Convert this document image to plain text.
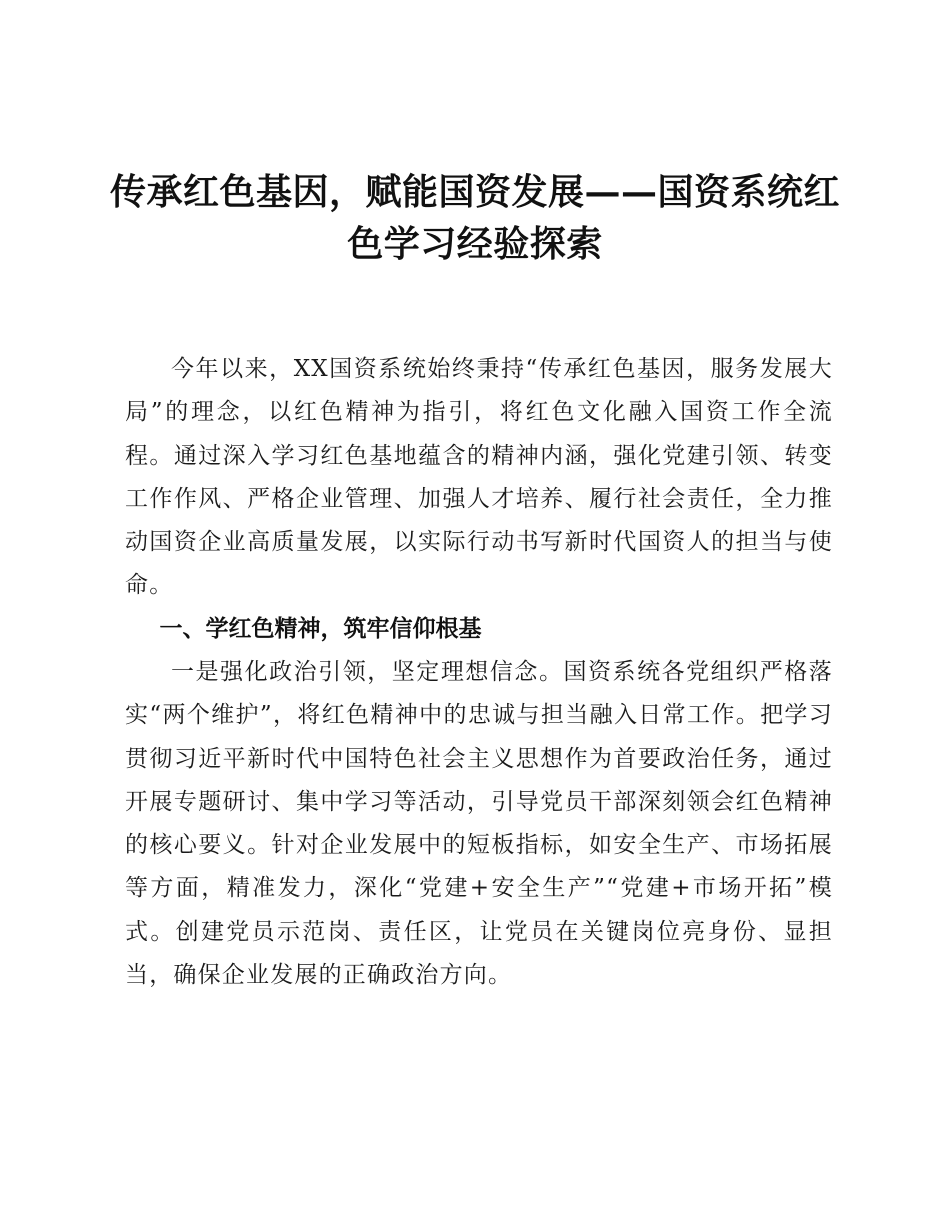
传承红色基因，赋能国资发展——国资系统红色学习经验探索

今年以来，XX国资系统始终秉持“传承红色基因，服务发展大局”的理念，以红色精神为指引，将红色文化融入国资工作全流程。通过深入学习红色基地蕴含的精神内涵，强化党建引领、转变工作作风、严格企业管理、加强人才培养、履行社会责任，全力推动国资企业高质量发展，以实际行动书写新时代国资人的担当与使命。

一、学红色精神，筑牢信仰根基

一是强化政治引领，坚定理想信念。国资系统各党组织严格落实“两个维护”，将红色精神中的忠诚与担当融入日常工作。把学习贯彻习近平新时代中国特色社会主义思想作为首要政治任务，通过开展专题研讨、集中学习等活动，引导党员干部深刻领会红色精神的核心要义。针对企业发展中的短板指标，如安全生产、市场拓展等方面，精准发力，深化“党建+安全生产”“党建+市场开拓”模式。创建党员示范岗、责任区，让党员在关键岗位亮身份、显担当，确保企业发展的正确政治方向。
